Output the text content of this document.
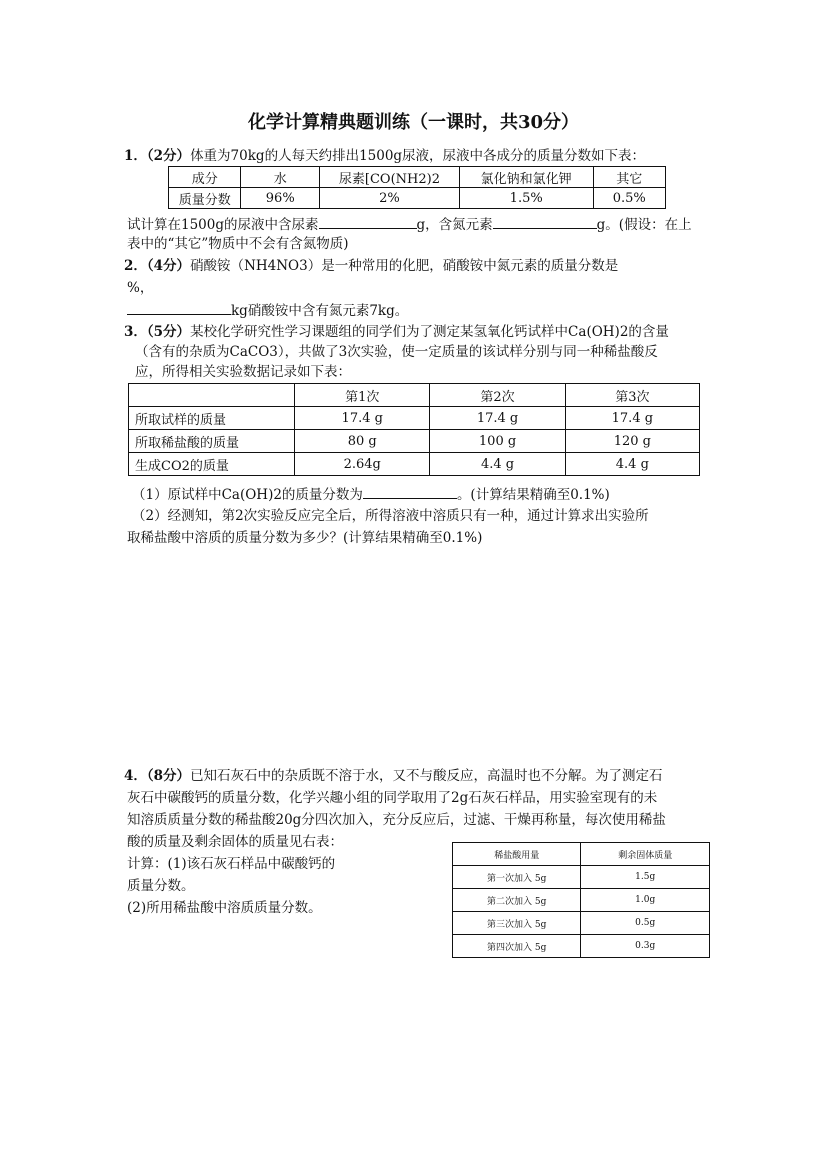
化学计算精典题训练（一课时，共30分）
1．（2分）体重为70kg的人每天约排出1500g尿液，尿液中各成分的质量分数如下表：
成分	水	尿素[CO(NH2)2	氯化钠和氯化钾	其它
质量分数	96%	2%	1.5%	0.5%
试计算在1500g的尿液中含尿素	g，含氮元素	g。(假设：在上
表中的“其它”物质中不会有含氮物质)
2．（4分）硝酸铵（NH4NO3）是一种常用的化肥，硝酸铵中氮元素的质量分数是
%，
kg硝酸铵中含有氮元素7kg。
3．（5分）某校化学研究性学习课题组的同学们为了测定某氢氧化钙试样中Ca(OH)2的含量
（含有的杂质为CaCO3），共做了3次实验，使一定质量的该试样分别与同一种稀盐酸反
应，所得相关实验数据记录如下表：
	第1次	第2次	第3次
所取试样的质量	17.4 g	17.4 g	17.4 g
所取稀盐酸的质量	80 g	100 g	120 g
生成CO2的质量	2.64g	4.4 g	4.4 g
（1）原试样中Ca(OH)2的质量分数为	。(计算结果精确至0.1%)
（2）经测知，第2次实验反应完全后，所得溶液中溶质只有一种，通过计算求出实验所
取稀盐酸中溶质的质量分数为多少？(计算结果精确至0.1%)
4．（8分）已知石灰石中的杂质既不溶于水，又不与酸反应，高温时也不分解。为了测定石
灰石中碳酸钙的质量分数，化学兴趣小组的同学取用了2g石灰石样品，用实验室现有的未
知溶质质量分数的稀盐酸20g分四次加入，充分反应后，过滤、干燥再称量，每次使用稀盐
酸的质量及剩余固体的质量见右表：
计算：(1)该石灰石样品中碳酸钙的
质量分数。
(2)所用稀盐酸中溶质质量分数。
稀盐酸用量	剩余固体质量
第一次加入 5g	1.5g
第二次加入 5g	1.0g
第三次加入 5g	0.5g
第四次加入 5g	0.3g
